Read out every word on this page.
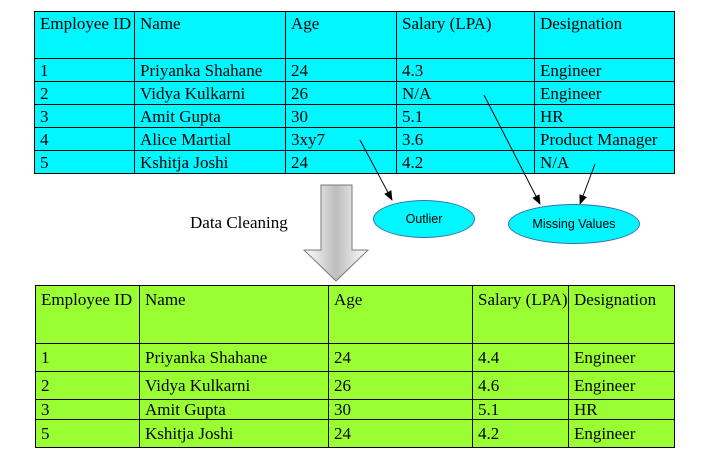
Employee ID	Name	Age	Salary (LPA)	Designation
1	Priyanka Shahane	24	4.3	Engineer
2	Vidya Kulkarni	26	N/A	Engineer
3	Amit Gupta	30	5.1	HR
4	Alice Martial	3xy7	3.6	Product Manager
5	Kshitja Joshi	24	4.2	N/A
Data Cleaning	Outlier	Missing Values
Employee ID	Name	Age	Salary (LPA)	Designation
1	Priyanka Shahane	24	4.4	Engineer
2	Vidya Kulkarni	26	4.6	Engineer
3	Amit Gupta	30	5.1	HR
5	Kshitja Joshi	24	4.2	Engineer
